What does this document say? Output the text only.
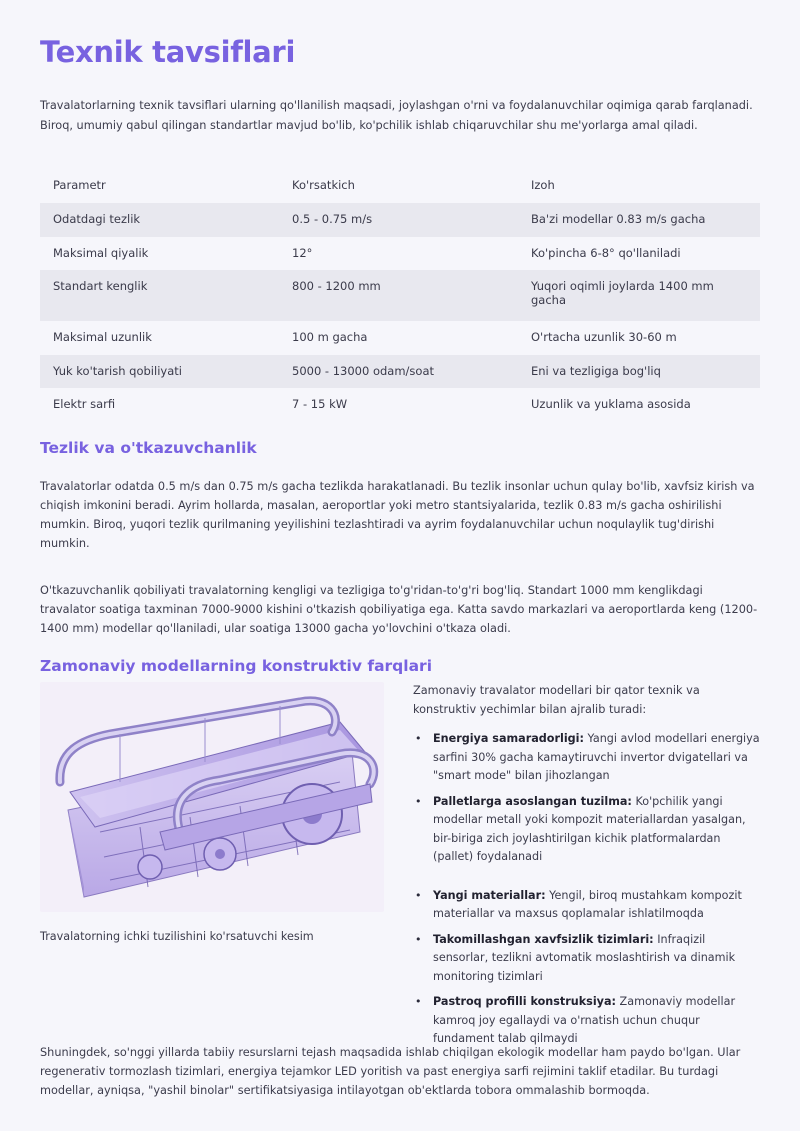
Texnik tavsiflari

Travalatorlarning texnik tavsiflari ularning qo'llanilish maqsadi, joylashgan o'rni va foydalanuvchilar oqimiga qarab farqlanadi. Biroq, umumiy qabul qilingan standartlar mavjud bo'lib, ko'pchilik ishlab chiqaruvchilar shu me'yorlarga amal qiladi.

Parametr	Ko'rsatkich	Izoh
Odatdagi tezlik	0.5 - 0.75 m/s	Ba'zi modellar 0.83 m/s gacha
Maksimal qiyalik	12°	Ko'pincha 6-8° qo'llaniladi
Standart kenglik	800 - 1200 mm	Yuqori oqimli joylarda 1400 mm gacha
Maksimal uzunlik	100 m gacha	O'rtacha uzunlik 30-60 m
Yuk ko'tarish qobiliyati	5000 - 13000 odam/soat	Eni va tezligiga bog'liq
Elektr sarfi	7 - 15 kW	Uzunlik va yuklama asosida
Tezlik va o'tkazuvchanlik

Travalatorlar odatda 0.5 m/s dan 0.75 m/s gacha tezlikda harakatlanadi. Bu tezlik insonlar uchun qulay bo'lib, xavfsiz kirish va chiqish imkonini beradi. Ayrim hollarda, masalan, aeroportlar yoki metro stantsiyalarida, tezlik 0.83 m/s gacha oshirilishi mumkin. Biroq, yuqori tezlik qurilmaning yeyilishini tezlashtiradi va ayrim foydalanuvchilar uchun noqulaylik tug'dirishi mumkin.

O'tkazuvchanlik qobiliyati travalatorning kengligi va tezligiga to'g'ridan-to'g'ri bog'liq. Standart 1000 mm kenglikdagi travalator soatiga taxminan 7000-9000 kishini o'tkazish qobiliyatiga ega. Katta savdo markazlari va aeroportlarda keng (1200-1400 mm) modellar qo'llaniladi, ular soatiga 13000 gacha yo'lovchini o'tkaza oladi.

Zamonaviy modellarning konstruktiv farqlari
Travalatorning ichki tuzilishini ko'rsatuvchi kesim

Zamonaviy travalator modellari bir qator texnik va konstruktiv yechimlar bilan ajralib turadi:

• Energiya samaradorligi: Yangi avlod modellari energiya sarfini 30% gacha kamaytiruvchi invertor dvigatellari va "smart mode" bilan jihozlangan
• Palletlarga asoslangan tuzilma: Ko'pchilik yangi modellar metall yoki kompozit materiallardan yasalgan, bir-biriga zich joylashtirilgan kichik platformalardan (pallet) foydalanadi
• Yangi materiallar: Yengil, biroq mustahkam kompozit materiallar va maxsus qoplamalar ishlatilmoqda
• Takomillashgan xavfsizlik tizimlari: Infraqizil sensorlar, tezlikni avtomatik moslashtirish va dinamik monitoring tizimlari
• Pastroq profilli konstruksiya: Zamonaviy modellar kamroq joy egallaydi va o'rnatish uchun chuqur fundament talab qilmaydi

Shuningdek, so'nggi yillarda tabiiy resurslarni tejash maqsadida ishlab chiqilgan ekologik modellar ham paydo bo'lgan. Ular regenerativ tormozlash tizimlari, energiya tejamkor LED yoritish va past energiya sarfi rejimini taklif etadilar. Bu turdagi modellar, ayniqsa, "yashil binolar" sertifikatsiyasiga intilayotgan ob'ektlarda tobora ommalashib bormoqda.
